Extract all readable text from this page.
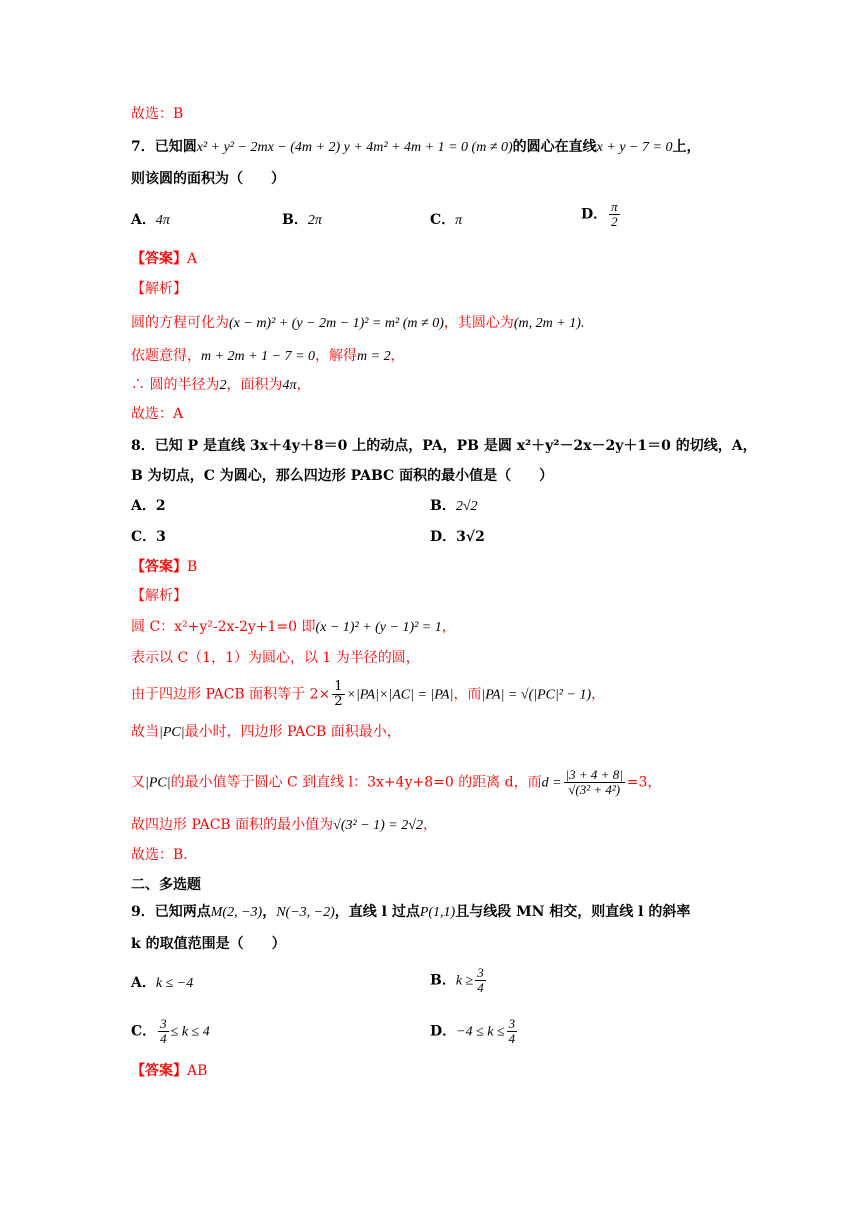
故选：B
7．已知圆x² + y² − 2mx − (4m + 2) y + 4m² + 4m + 1 = 0 (m ≠ 0)的圆心在直线x + y − 7 = 0上，
则该圆的面积为（　　）
A．4π	B．2π	C．π	D． $\frac{\pi}{2}$
【答案】A
【解析】
圆的方程可化为(x − m)² + (y − 2m − 1)² = m² (m ≠ 0)，其圆心为(m, 2m + 1).
依题意得，m + 2m + 1 − 7 = 0，解得m = 2，
∴ 圆的半径为2，面积为4π，
故选：A
8．已知 P 是直线 3x＋4y＋8＝0 上的动点，PA，PB 是圆 x²＋y²－2x－2y＋1＝0 的切线，A，
B 为切点，C 为圆心，那么四边形 PABC 面积的最小值是（　　）
A．2	B．2√2
C．3	D．3√2
【答案】B
【解析】
圆 C：x²+y²-2x-2y+1=0 即(x − 1)² + (y − 1)² = 1，
表示以 C（1，1）为圆心，以 1 为半径的圆，
由于四边形 PACB 面积等于 $2\times \frac{1}{2} \times|PA|\times|AC| = |PA|$，而|PA| = √(|PC|² − 1)，
故当|PC|最小时，四边形 PACB 面积最小，
又|PC|的最小值等于圆心 C 到直线 l：3x+4y+8=0 的距离 d，而$d = \frac{|3 + 4 + 8|}{\text{√(3² + 4²)}} =3$，
故四边形 PACB 面积的最小值为√(3² − 1) = 2√2，
故选：B.
二、多选题
9．已知两点M(2, −3)，N(−3, −2)，直线 l 过点P(1,1)且与线段 MN 相交，则直线 l 的斜率
k 的取值范围是（　　）
A．k ≤ −4	B．$k \ge \frac{3}{4}$
C． $\frac{3}{4} \le k \le 4$	D．$-4 \le k \le \frac{3}{4}$
【答案】AB
